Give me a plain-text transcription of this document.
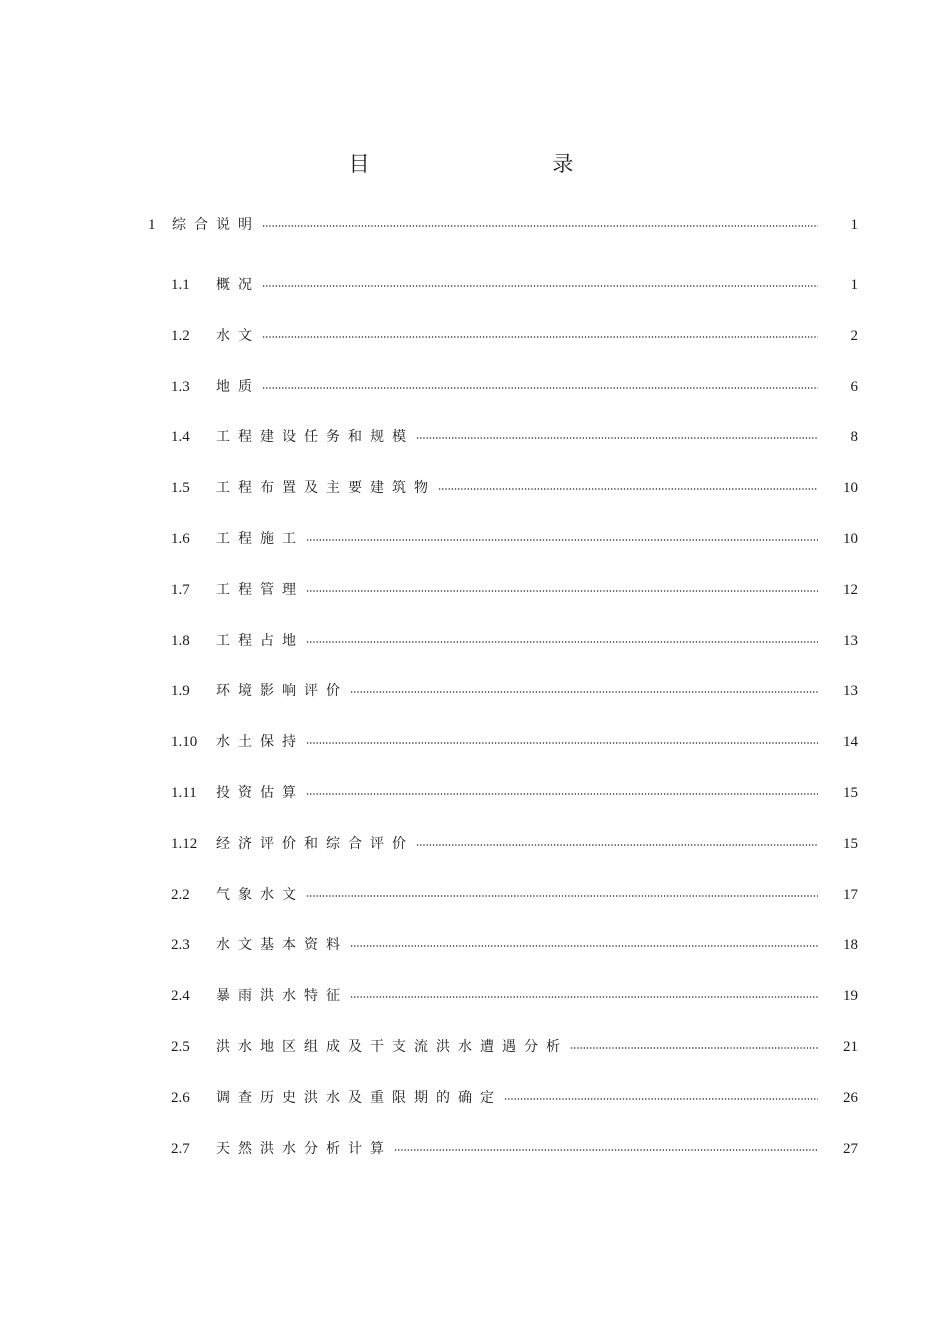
目 录
1 综合说明	1
1.1 概况	1
1.2 水文	2
1.3 地质	6
1.4 工程建设任务和规模	8
1.5 工程布置及主要建筑物	10
1.6 工程施工	10
1.7 工程管理	12
1.8 工程占地	13
1.9 环境影响评价	13
1.10 水土保持	14
1.11 投资估算	15
1.12 经济评价和综合评价	15
2.2 气象水文	17
2.3 水文基本资料	18
2.4 暴雨洪水特征	19
2.5 洪水地区组成及干支流洪水遭遇分析	21
2.6 调查历史洪水及重限期的确定	26
2.7 天然洪水分析计算	27
